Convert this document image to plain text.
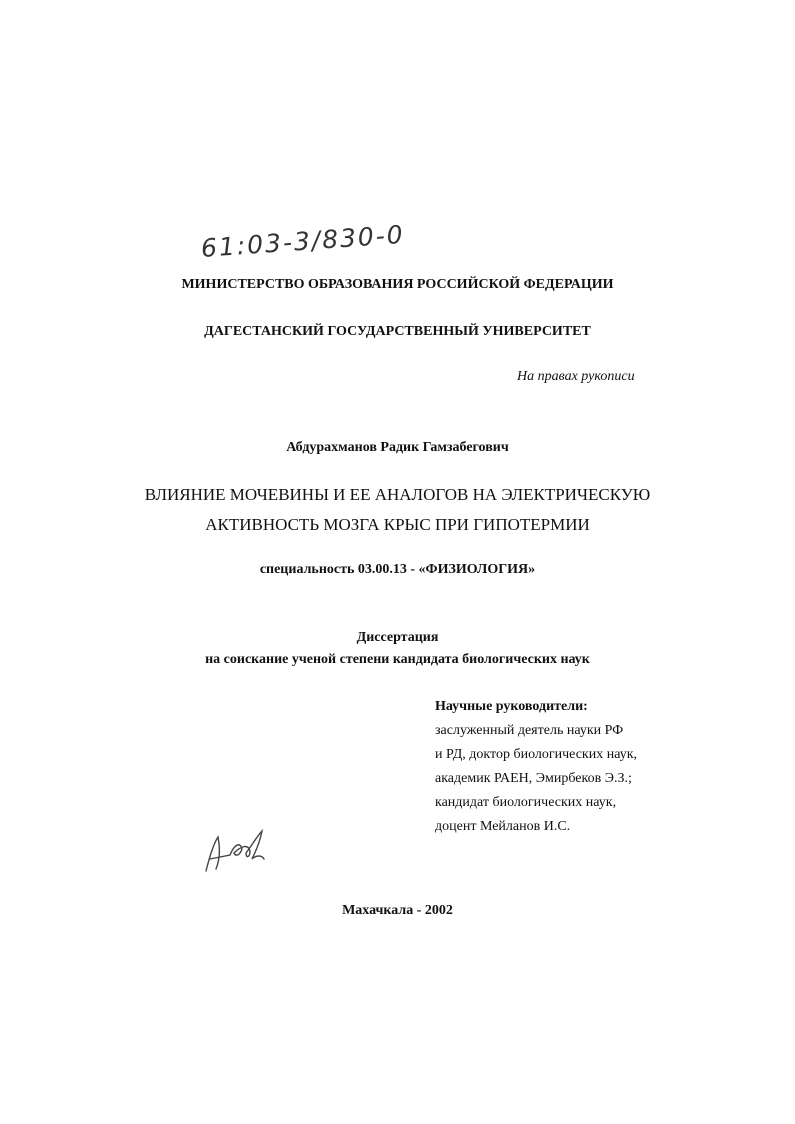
61:03-3/830-0

МИНИСТЕРСТВО ОБРАЗОВАНИЯ РОССИЙСКОЙ ФЕДЕРАЦИИ

ДАГЕСТАНСКИЙ ГОСУДАРСТВЕННЫЙ УНИВЕРСИТЕТ

На правах рукописи

Абдурахманов Радик Гамзабегович

ВЛИЯНИЕ МОЧЕВИНЫ И ЕЕ АНАЛОГОВ НА ЭЛЕКТРИЧЕСКУЮ

АКТИВНОСТЬ МОЗГА КРЫС ПРИ ГИПОТЕРМИИ

специальность 03.00.13 - «ФИЗИОЛОГИЯ»

Диссертация

на соискание ученой степени кандидата биологических наук

Научные руководители:

заслуженный деятель науки РФ

и РД, доктор биологических наук,

академик РАЕН, Эмирбеков Э.З.;

кандидат биологических наук,

доцент Мейланов И.С.

Махачкала - 2002
